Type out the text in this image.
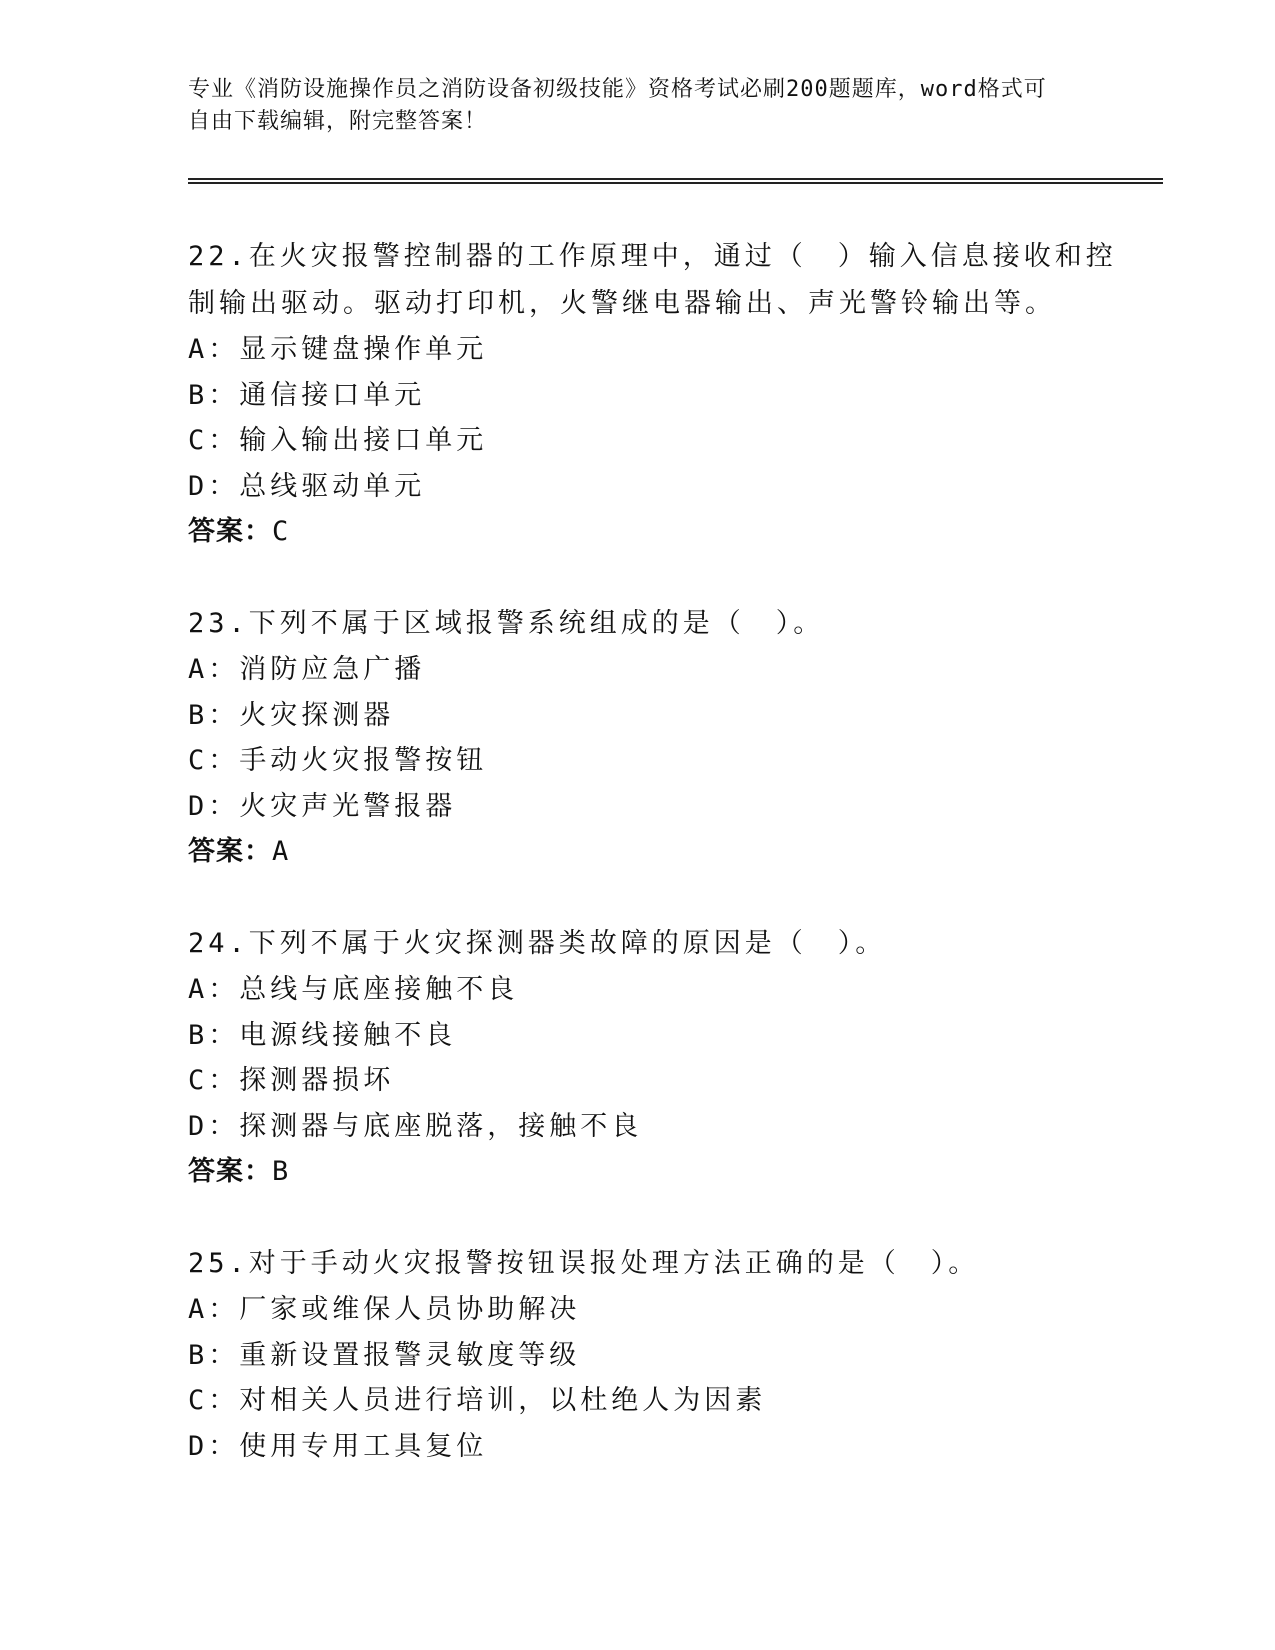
专业《消防设施操作员之消防设备初级技能》资格考试必刷200题题库，word格式可自由下载编辑，附完整答案！
22.在火灾报警控制器的工作原理中，通过（　）输入信息接收和控制输出驱动。驱动打印机，火警继电器输出、声光警铃输出等。
A：显示键盘操作单元
B：通信接口单元
C：输入输出接口单元
D：总线驱动单元
答案：C
23.下列不属于区域报警系统组成的是（　）。
A：消防应急广播
B：火灾探测器
C：手动火灾报警按钮
D：火灾声光警报器
答案：A
24.下列不属于火灾探测器类故障的原因是（　）。
A：总线与底座接触不良
B：电源线接触不良
C：探测器损坏
D：探测器与底座脱落，接触不良
答案：B
25.对于手动火灾报警按钮误报处理方法正确的是（　）。
A：厂家或维保人员协助解决
B：重新设置报警灵敏度等级
C：对相关人员进行培训，以杜绝人为因素
D：使用专用工具复位
